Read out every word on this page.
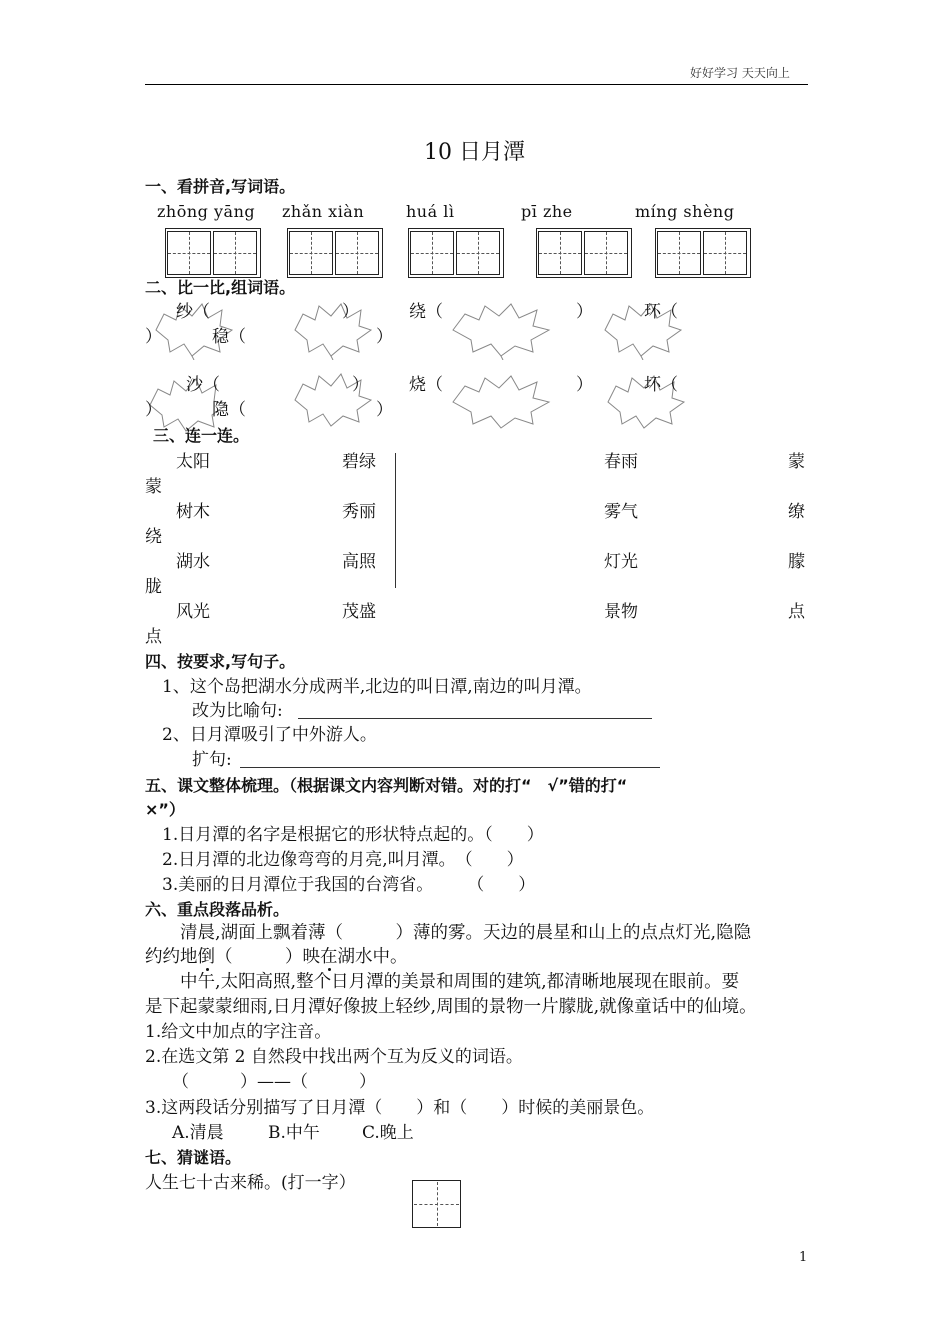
好好学习 天天向上
10 日月潭
一、看拼音,写词语。
zhōng yāng zhǎn xiàn	huá lì	pī zhe	míng shèng
二、比一比,组词语。
纱（	）	绕（	）	环（
）	稳（	）
沙（	） 烧（	）	坏（
）	隐（	）
三、连一连。
太阳	碧绿	春雨	蒙
蒙
树木	秀丽	雾气	缭
绕
湖水	高照	灯光	朦
胧
风光	茂盛	景物	点
点
四、按要求,写句子。
1、这个岛把湖水分成两半,北边的叫日潭,南边的叫月潭。
改为比喻句:
2、日月潭吸引了中外游人。
扩句:
五、课文整体梳理。（根据课文内容判断对错。对的打“　√”错的打“
×”）
1.日月潭的名字是根据它的形状特点起的。（　　）
2.日月潭的北边像弯弯的月亮,叫月潭。　（　　）
3.美丽的日月潭位于我国的台湾省。　　　（　　）
六、重点段落品析。
清晨,湖面上飘着薄（　　　）薄的雾。天边的晨星和山上的点点灯光,隐隐
约约地倒（　　　）映在湖水中。
中午,太阳高照,整个日月潭的美景和周围的建筑,都清晰地展现在眼前。要
是下起蒙蒙细雨,日月潭好像披上轻纱,周围的景物一片朦胧,就像童话中的仙境。
1.给文中加点的字注音。
2.在选文第 2 自然段中找出两个互为反义的词语。
（　　　）——（　　　）
3.这两段话分别描写了日月潭（　　）和（　　）时候的美丽景色。
A.清晨	B.中午 C.晚上
七、猜谜语。
人生七十古来稀。(打一字）
1
